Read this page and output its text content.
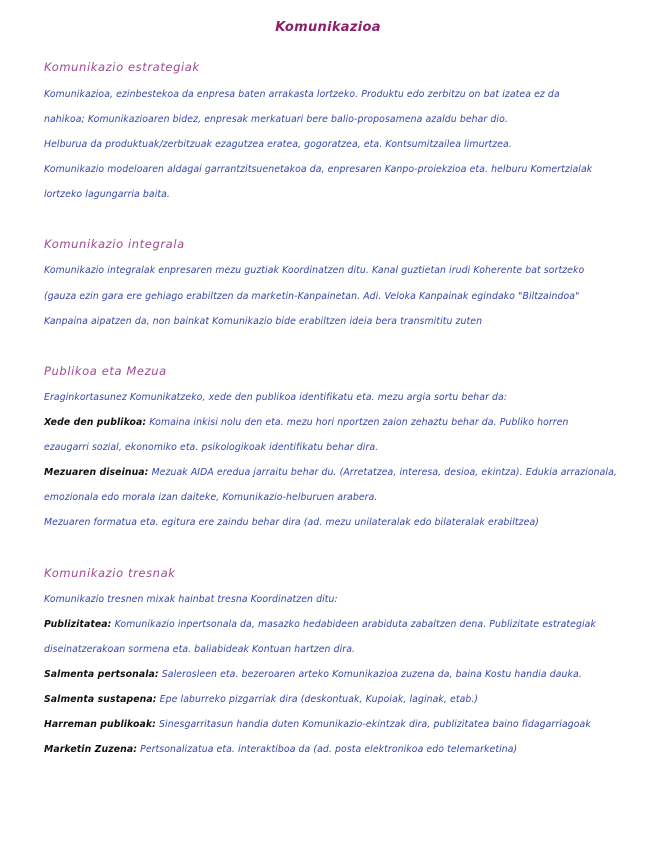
Komunikazioa
Komunikazio estrategiak
Komunikazioa, ezinbestekoa da enpresa baten arrakasta lortzeko. Produktu edo zerbitzu on bat izatea ez da
nahikoa; Komunikazioaren bidez, enpresak merkatuari bere balio-proposamena azaldu behar dio.
Helburua da produktuak/zerbitzuak ezagutzea eratea, gogoratzea, eta. Kontsumitzailea limurtzea.
Komunikazio modeloaren aldagai garrantzitsuenetakoa da, enpresaren Kanpo-proiekzioa eta. helburu Komertzialak
lortzeko lagungarria baita.
Komunikazio integrala
Komunikazio integralak enpresaren mezu guztiak Koordinatzen ditu. Kanal guztietan irudi Koherente bat sortzeko
(gauza ezin gara ere gehiago erabiltzen da marketin-Kanpainetan. Adi. Veloka Kanpainak egindako "Biltzaindoa"
Kanpaina aipatzen da, non bainkat Komunikazio bide erabiltzen ideia bera transmititu zuten
Publikoa eta Mezua
Eraginkortasunez Komunikatzeko, xede den publikoa identifikatu eta. mezu argia sortu behar da:
Xede den publikoa: Komaina inkisi nolu den eta. mezu hori nportzen zaion zehaztu behar da. Publiko horren
ezaugarri sozial, ekonomiko eta. psikologikoak identifikatu behar dira.
Mezuaren diseinua: Mezuak AIDA eredua jarraitu behar du. (Arretatzea, interesa, desioa, ekintza). Edukia arrazionala,
emozionala edo morala izan daiteke, Komunikazio-helburuen arabera.
Mezuaren formatua eta. egitura ere zaindu behar dira (ad. mezu unilateralak edo bilateralak erabiltzea)
Komunikazio tresnak
Komunikazio tresnen mixak hainbat tresna Koordinatzen ditu:
Publizitatea: Komunikazio inpertsonala da, masazko hedabideen arabiduta zabaltzen dena. Publizitate estrategiak
diseinatzerakoan sormena eta. baliabideak Kontuan hartzen dira.
Salmenta pertsonala: Salerosleen eta. bezeroaren arteko Komunikazioa zuzena da, baina Kostu handia dauka.
Salmenta sustapena: Epe laburreko pizgarriak dira (deskontuak, Kupoiak, laginak, etab.)
Harreman publikoak: Sinesgarritasun handia duten Komunikazio-ekintzak dira, publizitatea baino fidagarriagoak
Marketin Zuzena: Pertsonalizatua eta. interaktiboa da (ad. posta elektronikoa edo telemarketina)
